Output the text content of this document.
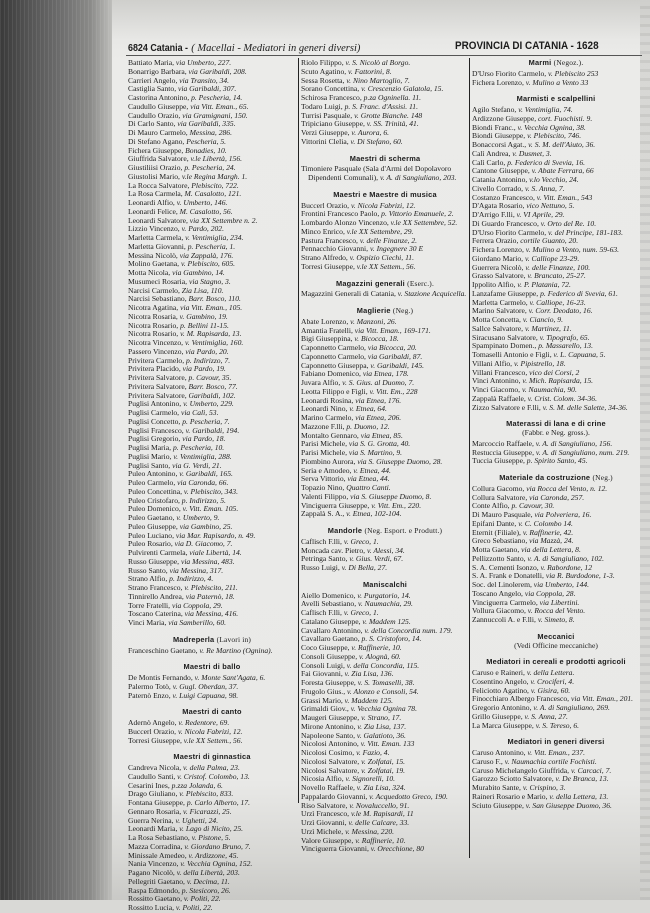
6824 Catania - ( Macellai - Mediatori in generi diversi)	PROVINCIA DI CATANIA - 1628
Battiato Maria, via Umberto, 227.
Bonarrigo Barbara, via Garibaldi, 208.
Carrieri Angelo, via Transito, 34.
Castiglia Santo, via Garibaldi, 307.
Castorina Antonino, p. Pescheria, 14.
Caudullo Giuseppe, via Vitt. Eman., 65.
Caudullo Orazio, via Gramignani, 150.
Di Carlo Santo, via Garibaldi, 335.
Di Mauro Carmelo, Messina, 286.
Di Stefano Agano, Pescheria, 5.
Fichera Giuseppe, Bonadies, 10.
Giuffrida Salvatore, v.le Libertà, 156.
Giustiliisi Orazio, p. Pescheria, 24.
Giustolisi Mario, v.le Regina Margh. 1.
La Rocca Salvatore, Plebiscito, 722.
La Rosa Carmela, M. Casalotto, 121.
Leonardi Alfio, v. Umberto, 146.
Leonardi Felice, M. Casalotto, 56.
Leonardi Salvatore, via XX Settembre n. 2.
Lizzio Vincenzo, v. Pardo, 202.
Marletta Carmela, v. Ventimiglia, 234.
Marletta Giovanni, p. Pescheria, 1.
Messina Nicolò, via Zappalà, 176.
Molino Gaetana, v. Plebiscito, 605.
Motta Nicola, via Gambino, 14.
Musumeci Rosaria, via Stagno, 3.
Narcisi Carmelo, Zia Lisa, 110.
Narcisi Sebastiano, Barr. Bosco, 110.
Nicotra Agatina, via Vitt. Eman., 105.
Nicotra Rosaria, v. Gambino, 19.
Nicotra Rosario, p. Bellini 11-15.
Nicotra Rosario, v. M. Rapisarda, 13.
Nicotra Vincenzo, v. Ventimiglia, 160.
Passero Vincenzo, via Pardo, 20.
Privitera Carmelo, p. Indirizzo, 7.
Privitera Placido, via Pardo, 19.
Privitera Salvatore, p. Cavour, 35.
Privitera Salvatore, Barr. Bosco, 77.
Privitera Salvatore, Garibaldi, 102.
Puglisi Antonino, v. Umberto, 229.
Puglisi Carmelo, via Calì, 53.
Puglisi Concetto, p. Pescheria, 7.
Puglisi Francesco, v. Garibaldi, 194.
Puglisi Gregorio, via Pardo, 18.
Puglisi Maria, p. Pescheria, 10.
Puglisi Mario, v. Ventimiglia, 288.
Puglisi Santo, via G. Verdi, 21.
Puleo Antonino, v. Garibaldi, 165.
Puleo Carmelo, via Caronda, 66.
Puleo Concettina, v. Plebiscito, 343.
Puleo Cristofaro, p. Indirizzo, 5.
Puleo Domenico, v. Vitt. Eman. 105.
Puleo Gaetano, v. Umberto, 9.
Puleo Giuseppe, via Gambino, 25.
Puleo Luciano, via Mar. Rapisardo, n. 49.
Puleo Rosario, via D. Giacomo, 7.
Pulvirenti Carmela, viale Libertà, 14.
Russo Giuseppe, via Messina, 483.
Russo Santo, via Messina, 317.
Strano Alfio, p. Indirizzo, 4.
Strano Francesco, v. Plebiscito, 211.
Tinnirello Andrea, via Paternò, 18.
Torre Fratelli, via Coppola, 29.
Toscano Caterina, via Messina, 416.
Vinci Maria, via Samberillo, 60.
Madreperla (Lavori in)
Franceschino Gaetano, v. Re Martino (Ognina).
Maestri di ballo
De Montis Fernando, v. Monte Sant'Agata, 6.
Palermo Totò, v. Gugl. Oberdan, 37.
Paternò Enzo, v. Luigi Capuana, 98.
Maestri di canto
Adernò Angelo, v. Redentore, 69.
Buccerl Orazio, v. Nicola Fabrizi, 12.
Torresi Giuseppe, v.le XX Settem., 56.
Maestri di ginnastica
Candreva Nicola, v. della Palma, 23.
Caudullo Santi, v. Cristof. Colombo, 13.
Cesarini Ines, p.zza Jolanda, 6.
Drago Giuliano, v. Plebiscito, 833.
Fontana Giuseppe, p. Carlo Alberto, 17.
Gennaro Rosaria, v. Ficarazzi, 25.
Guerra Nerina, v. Ughetti, 24.
Leonardi Maria, v. Lago di Nicito, 25.
La Rosa Sebastiano, v. Pistone, 5.
Mazza Corradina, v. Giordano Bruno, 7.
Minissale Amedeo, v. Ardizzone, 45.
Nania Vincenzo, v. Vecchia Ognina, 152.
Pagano Nicolò, v. della Libertà, 203.
Pellegriti Gaetano, v. Decima, 11.
Raspa Edmondo, p. Stesicoro, 26.
Rossitto Gaetano, v. Politi, 22.
Rossitto Lucia, v. Politi, 22.
Riolo Filippo, v. S. Nicolò al Borgo.
Scuto Agatino, v. Fattorini, 8.
Sessa Rosetta, v. Nino Martoglio, 7.
Sorano Concettina, v. Crescenzio Galatola, 15.
Schirosa Francesco, p.za Ogninella. 11.
Todaro Luigi, p. S. Franc. d'Assisi. 11.
Turrisi Pasquale, v. Grotte Bianche. 148
Tripiciano Giuseppe, v. SS. Trinità, 41.
Verzi Giuseppe, v. Aurora, 6.
Vittorini Clelia, v. Di Stefano, 60.
Maestri di scherma
Timoniere Pasquale (Sala d'Armi del Dopolavoro Dipendenti Comunali), v. A. di Sangiuliano, 203.
Maestri e Maestre di musica
Buccerl Orazio, v. Nicola Fabrizi, 12.
Frontini Francesco Paolo, p. Vittorio Emanuele, 2.
Lombardo Alonzo Vincenzo, v.le XX Settembre, 52.
Minco Enrico, v.le XX Settembre, 29.
Pastura Francesco, v. delle Finanze, 2.
Pennacchio Giovanni, v. Ingegnere 30 E
Strano Alfredo, v. Ospizio Ciechi, 11.
Torresi Giuseppe, v.le XX Settem., 56.
Magazzini generali (Eserc.).
Magazzini Generali di Catania, v. Stazione Acquicella.
Maglierie (Neg.)
Abate Lorenzo, v. Manzoni, 26.
Amantia Fratelli, via Vitt. Eman., 169-171.
Bigi Giuseppina, v. Bicocca, 18.
Caponnetto Carmelo, via Bicocca, 20.
Caponnetto Carmelo, via Garibaldi, 87.
Caponnetto Giuseppa, v. Garibaldi, 145.
Fabiano Domenico, via Etnea, 178.
Juvara Alfio, v. S. Gius. al Duomo, 7.
Leotta Filippo e Figli, v. Vitt. Em., 228
Leonardi Rosina, via Etnea, 176.
Leonardi Nino, v. Etnea, 64.
Marino Carmelo, via Etnea, 206.
Mazzone F.lli, p. Duomo, 12.
Montalto Gennaro, via Etnea, 85.
Parisi Michele, via S. G. Grotta, 40.
Parisi Michele, via S. Martino, 9.
Piombino Aurora, via S. Giuseppe Duomo, 28.
Seria e Amodeo, v. Etnea, 44.
Serva Vittorio, via Etnea, 44.
Topazio Nino, Quattro Canti.
Valenti Filippo, via S. Giuseppe Duomo, 8.
Vinciguerra Giuseppe, v. Vitt. Em., 220.
Zappalà S. A., v. Etnea, 102-104.
Mandorle (Neg. Esport. e Produtt.)
Caflisch F.lli, v. Greco, 1.
Moncada cav. Pietro, v. Alessi, 34.
Petringa Santo, v. Gius. Verdi, 67.
Russo Luigi, v. Di Bella, 27.
Maniscalchi
Aiello Domenico, v. Purgatorio, 14.
Avelli Sebastiano, v. Naumachia, 29.
Caflisch F.lli, v. Greco, 1.
Catalano Giuseppe, v. Maddem 125.
Cavallaro Antonino, v. della Concordia num. 179.
Cavallaro Gaetano, p. S. Cristoforo, 14.
Coco Giuseppe, v. Raffinerie, 10.
Consoli Giuseppe, v. Alognà, 60.
Consoli Luigi, v. della Concordia, 115.
Fai Giovanni, v. Zia Lisa, 136.
Foresta Giuseppe, v. S. Tomaselli, 38.
Frugolo Gius., v. Alonzo e Consoli, 54.
Grassi Mario, v. Maddem 125.
Grimaldi Giov., v. Vecchia Ognina 78.
Maugeri Giuseppe, v. Strano, 17.
Mirone Antonino, v. Zia Lisa, 137.
Napoleone Santo, v. Galatioto, 36.
Nicolosi Antonino, v. Vitt. Eman. 133
Nicolosi Cosimo, v. Fazio, 4.
Nicolosi Salvatore, v. Zolfatai, 15.
Nicolosi Salvatore, v. Zolfatai, 19.
Nicosia Alfio, v. Signorelli, 10.
Novello Raffaele, v. Zia Lisa, 324.
Pappalardo Giovanni, v. Acquedotto Greco, 190.
Riso Salvatore, v. Novaluccello, 91.
Urzì Francesco, v.le M. Rapisardi, 11
Urzì Giovanni, v. delle Calcare, 33.
Urzì Michele, v. Messina, 220.
Valore Giuseppe, v. Raffinerie, 10.
Vinciguerra Giovanni, v. Orecchione, 80
Marmi (Negoz.).
D'Urso Fiorito Carmelo, v. Plebiscito 253
Fichera Lorenzo, v. Mulino a Vento 33
Marmisti e scalpellini
Agilo Stefano, v. Ventimiglia, 74.
Ardizzone Giuseppe, cort. Fuochisti. 9.
Biondi Franc., v. Vecchia Ognina, 38.
Biondi Giuseppe, v. Plebiscito, 746.
Bonaccorsi Agat., v. S. M. dell'Aiuto, 36.
Calì Andrea, v. Dusmet, 3.
Calì Carlo, p. Federico di Svevia, 16.
Cantone Giuseppe, v. Abate Ferrara, 66
Catania Antonino, v.lo Vecchio, 24.
Civello Corrado, v. S. Anna, 7.
Costanzo Francesco, v. Vitt. Eman., 543
D'Agata Rosario, vico Nettuno, 5.
D'Arrigo F.lli, v. VI Aprile, 29.
Di Guardo Francesco, v. Orto del Re. 10.
D'Urso Fiorito Carmelo, v. del Principe, 181-183.
Ferrera Orazio, cortile Guanto, 20.
Fichera Lorenzo, v. Mulino a Vento, num. 59-63.
Giordano Mario, v. Calliope 23-29.
Guerrera Nicolò, v. delle Finanze, 100.
Grasso Salvatore, v. Brancato, 25-27.
Ippolito Alfio, v. P. Platania, 72.
Lanzafame Giuseppe, p. Federico di Svevia, 61.
Marletta Carmelo, v. Calliope, 16-23.
Marino Salvatore, v. Corr. Deodato, 16.
Motta Concetta, v. Ciancio, 9.
Sallce Salvatore, v. Martinez, 11.
Siracusano Salvatore, v. Tipografo, 65.
Spampinato Domen., p. Massarello, 13.
Tomaselli Antonio e Figli, v. L. Capuana, 5.
Villani Alfio, v. Pipistrello, 18.
Villani Francesco, vico dei Corsi, 2
Vinci Antonino, v. Mich. Rapisarda, 15.
Vinci Giacomo, v. Naumachia, 90.
Zappalà Raffaele, v. Crist. Colom. 34-36.
Zizzo Salvatore e F.lli, v. S. M. delle Salette, 34-36.
Materassi di lana e di crine
(Fabbr. e Neg. gross.).
Marcoccio Raffaele, v. A. di Sangiuliano, 156.
Restuccia Giuseppe, v. A. di Sangiuliano, num. 219.
Tuccia Giuseppe, p. Spirito Santo, 45.
Materiale da costruzione (Neg.)
Collura Gacomo, via Rocca del Vento, n. 12.
Collura Salvatore, via Caronda, 257.
Conte Alfio, p. Cavour, 30.
Di Mauro Pasquale, via Polveriera, 16.
Epifani Dante, v. C. Colombo 14.
Eternit (Filiale), v. Raffinerie, 42.
Greco Sebastiano, via Mazzà, 24.
Motta Gaetano, via della Lettera, 8.
Pellizzotto Santo, v. A. di Sangiuliano, 102.
S. A. Cementi Isonzo, v. Rabordone, 12
S. A. Frank e Donatelli, via R. Burdodone, 1-3.
Soc. del Linolerem, via Umberto, 144.
Toscano Angelo, via Coppola, 28.
Vinciguerra Carmelo, via Libertini.
Vollura Giacomo, v. Rocca del Vento.
Zannuccoli A. e F.lli, v. Simeto, 8.
Meccanici
(Vedi Officine meccaniche)
Mediatori in cereali e prodotti agricoli
Caruso e Raineri, v. della Lettera.
Cosentino Angelo, v. Crociferi, 4.
Feliciotto Agatino, v. Gisira, 60.
Finocchiaro Albergo Francesco, via Vitt. Eman., 201.
Gregorio Antonino, v. A. di Sangiuliano, 269.
Grillo Giuseppe, v. S. Anna, 27.
La Marca Giuseppe, v. S. Tereso, 6.
Mediatori in generi diversi
Caruso Antonino, v. Vitt. Eman., 237.
Caruso F., v. Naumachia cortile Fochisti.
Caruso Michelangelo Giuffrida, v. Carcaci, 7.
Garozzo Sciotto Salvatore, v. De Branca, 13.
Murabito Sante, v. Crispino, 3.
Raineri Rosario e Mario, v. della Lettera, 13.
Sciuto Giuseppe, v. San Giuseppe Duomo, 36.
